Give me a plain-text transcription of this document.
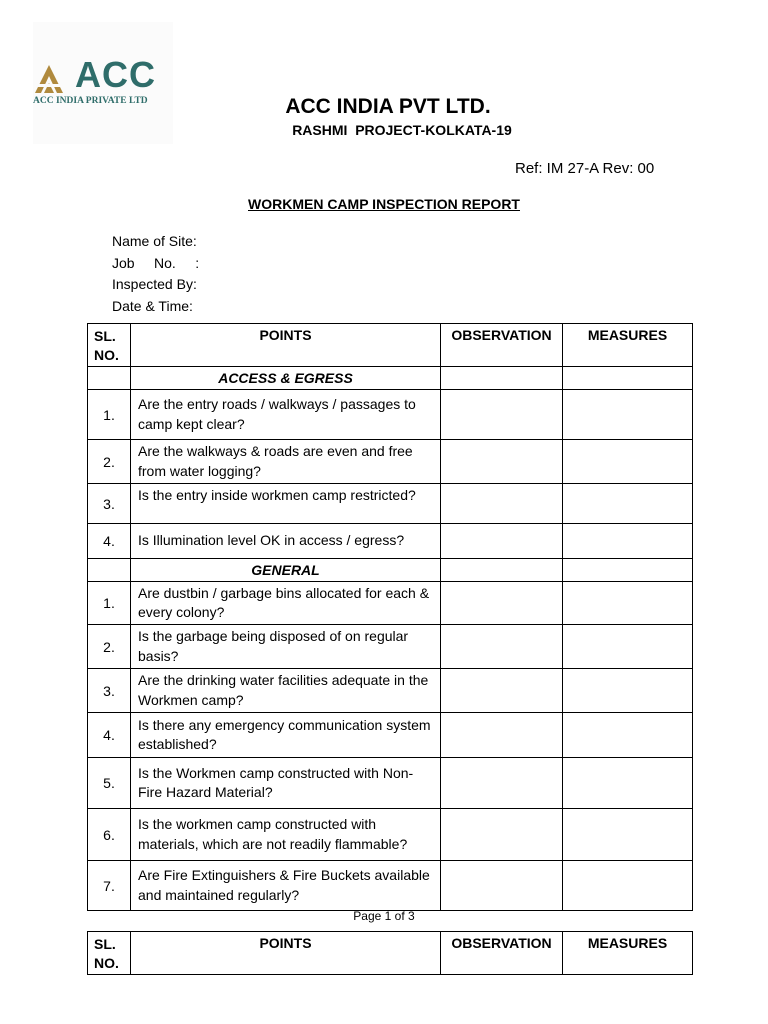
ACC
ACC INDIA PRIVATE LTD	ACC INDIA PVT LTD.
RASHMI  PROJECT-KOLKATA-19
Ref: IM 27-A Rev: 00
WORKMEN CAMP INSPECTION REPORT
Name of Site:
Job     No.     :
Inspected By:
Date & Time:
SL.
NO.	POINTS	OBSERVATION	MEASURES
	ACCESS & EGRESS		
1.	Are the entry roads / walkways / passages to camp kept clear?		
2.	Are the walkways & roads are even and free from water logging?		
3.	Is the entry inside workmen camp restricted?		
4.	Is Illumination level OK in access / egress?		
	GENERAL		
1.	Are dustbin / garbage bins allocated for each & every colony?		
2.	Is the garbage being disposed of on regular basis?		
3.	Are the drinking water facilities adequate in the Workmen camp?		
4.	Is there any emergency communication system established?		
5.	Is the Workmen camp constructed with Non-Fire Hazard Material?		
6.	Is the workmen camp constructed with materials, which are not readily flammable?		
7.	Are Fire Extinguishers & Fire Buckets available and maintained regularly?		
Page 1 of 3
SL.
NO.	POINTS	OBSERVATION	MEASURES
